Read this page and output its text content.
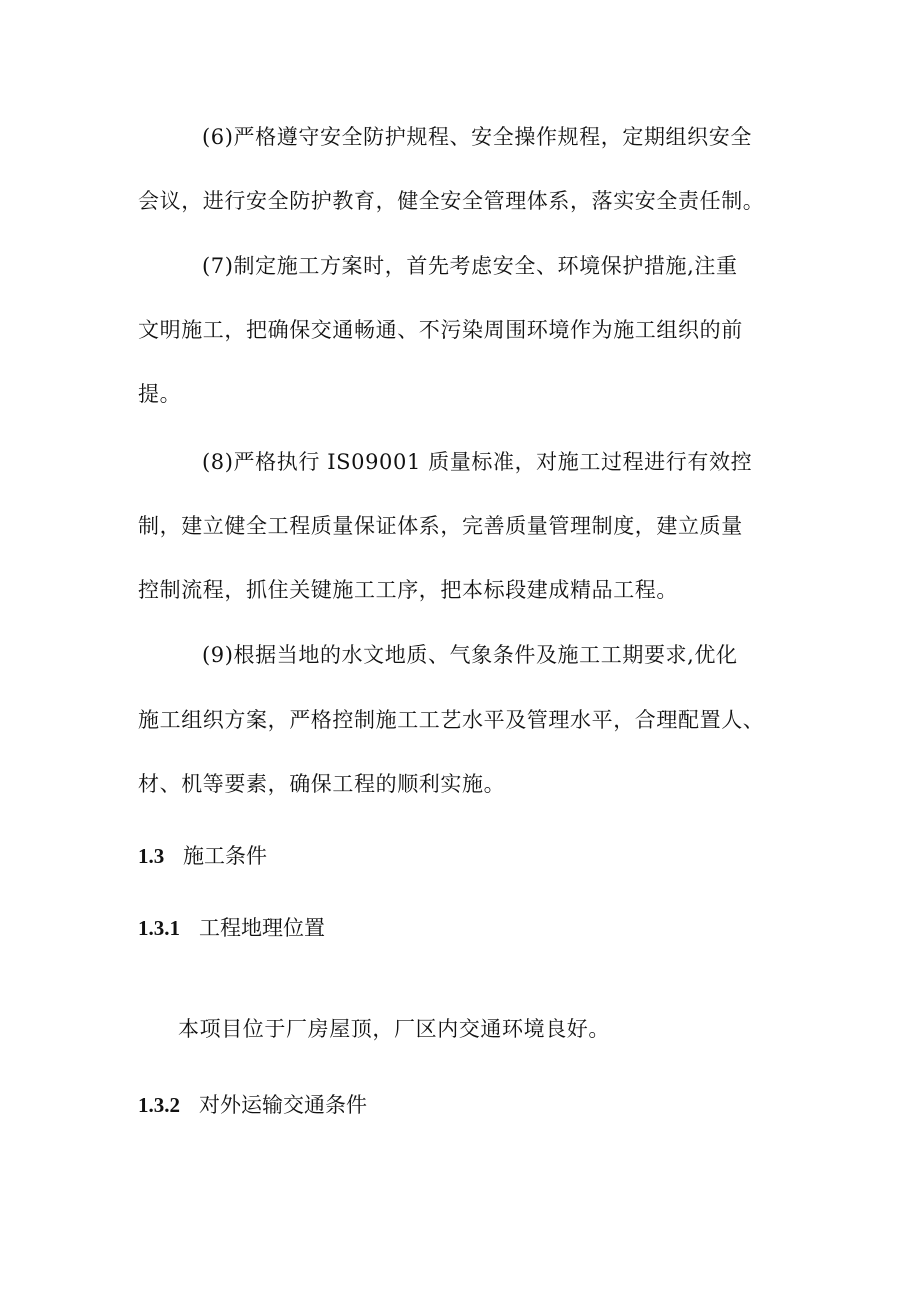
(6)严格遵守安全防护规程、安全操作规程，定期组织安全

会议，进行安全防护教育，健全安全管理体系，落实安全责任制。

(7)制定施工方案时，首先考虑安全、环境保护措施,注重

文明施工，把确保交通畅通、不污染周围环境作为施工组织的前

提。

(8)严格执行 IS09001 质量标准，对施工过程进行有效控

制，建立健全工程质量保证体系，完善质量管理制度，建立质量

控制流程，抓住关键施工工序，把本标段建成精品工程。

(9)根据当地的水文地质、气象条件及施工工期要求,优化

施工组织方案，严格控制施工工艺水平及管理水平，合理配置人、

材、机等要素，确保工程的顺利实施。

1.3 施工条件
1.3.1 工程地理位置

本项目位于厂房屋顶，厂区内交通环境良好。

1.3.2 对外运输交通条件
